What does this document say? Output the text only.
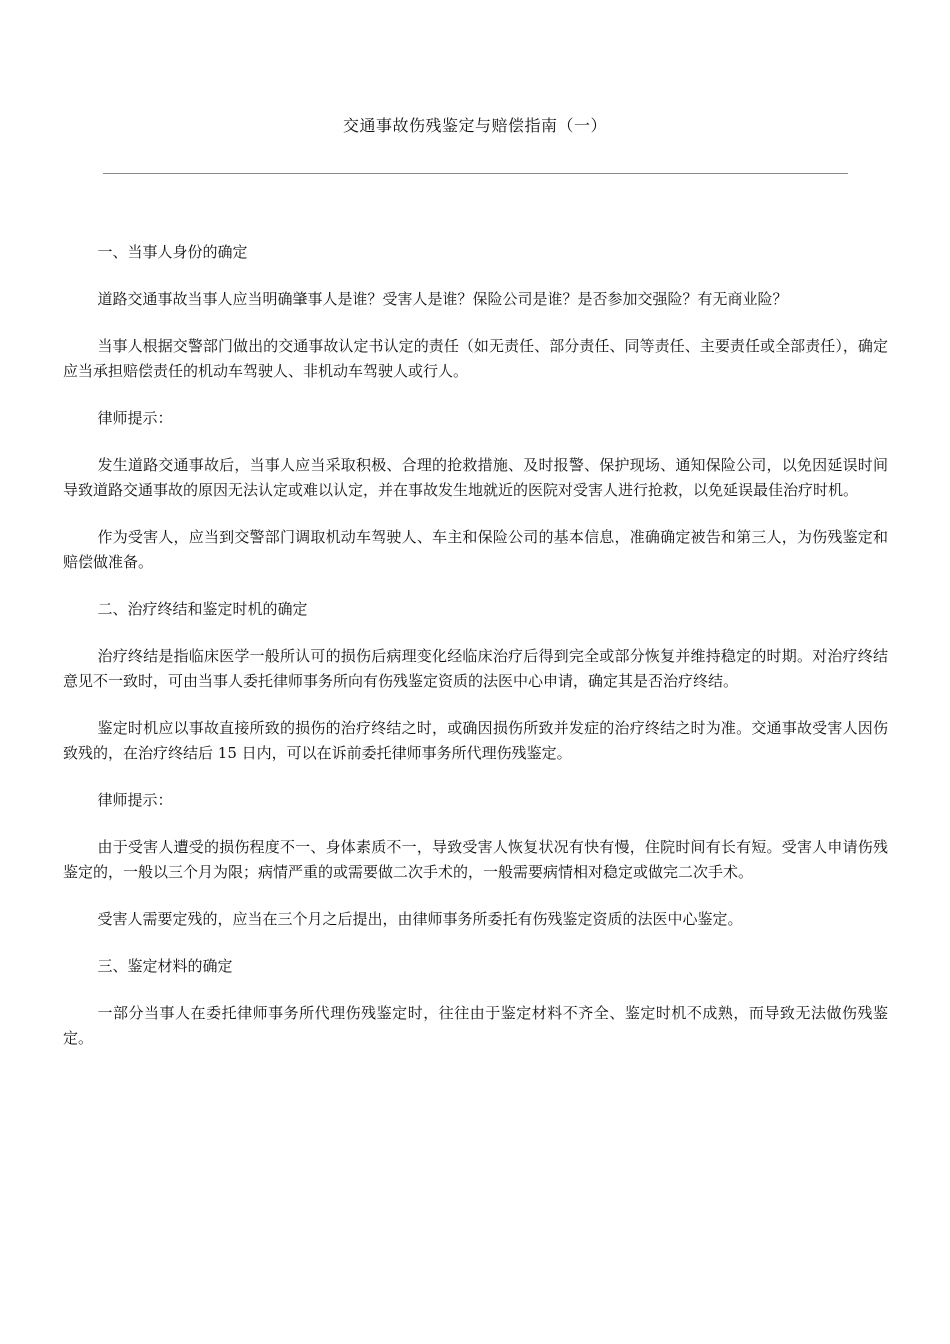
交通事故伤残鉴定与赔偿指南（一）

一、当事人身份的确定

道路交通事故当事人应当明确肇事人是谁？受害人是谁？保险公司是谁？是否参加交强险？有无商业险？

当事人根据交警部门做出的交通事故认定书认定的责任（如无责任、部分责任、同等责任、主要责任或全部责任），确定应当承担赔偿责任的机动车驾驶人、非机动车驾驶人或行人。

律师提示：

发生道路交通事故后，当事人应当采取积极、合理的抢救措施、及时报警、保护现场、通知保险公司，以免因延误时间导致道路交通事故的原因无法认定或难以认定，并在事故发生地就近的医院对受害人进行抢救，以免延误最佳治疗时机。

作为受害人，应当到交警部门调取机动车驾驶人、车主和保险公司的基本信息，准确确定被告和第三人，为伤残鉴定和赔偿做准备。

二、治疗终结和鉴定时机的确定

治疗终结是指临床医学一般所认可的损伤后病理变化经临床治疗后得到完全或部分恢复并维持稳定的时期。对治疗终结意见不一致时，可由当事人委托律师事务所向有伤残鉴定资质的法医中心申请，确定其是否治疗终结。

鉴定时机应以事故直接所致的损伤的治疗终结之时，或确因损伤所致并发症的治疗终结之时为准。交通事故受害人因伤致残的，在治疗终结后 15 日内，可以在诉前委托律师事务所代理伤残鉴定。

律师提示：

由于受害人遭受的损伤程度不一、身体素质不一，导致受害人恢复状况有快有慢，住院时间有长有短。受害人申请伤残鉴定的，一般以三个月为限；病情严重的或需要做二次手术的，一般需要病情相对稳定或做完二次手术。

受害人需要定残的，应当在三个月之后提出，由律师事务所委托有伤残鉴定资质的法医中心鉴定。

三、鉴定材料的确定

一部分当事人在委托律师事务所代理伤残鉴定时，往往由于鉴定材料不齐全、鉴定时机不成熟，而导致无法做伤残鉴定。
